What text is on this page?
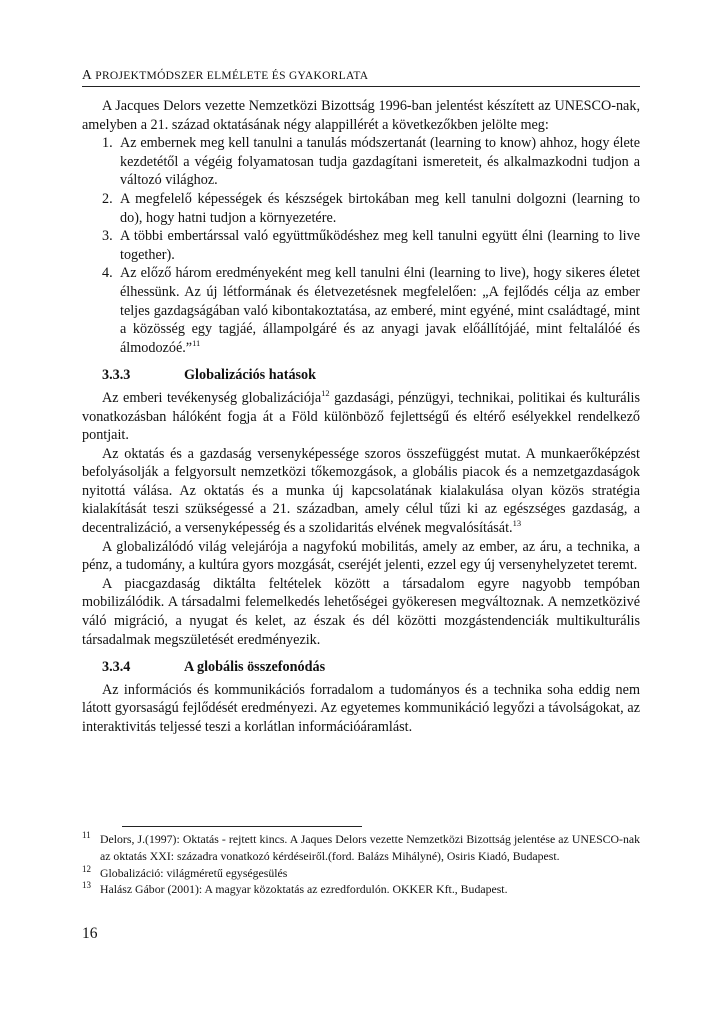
A PROJEKTMÓDSZER ELMÉLETE ÉS GYAKORLATA

A Jacques Delors vezette Nemzetközi Bizottság 1996-ban jelentést készített az UNESCO-nak, amelyben a 21. század oktatásának négy alappillérét a következőkben jelölte meg:

1. Az embernek meg kell tanulni a tanulás módszertanát (learning to know) ahhoz, hogy élete kezdetétől a végéig folyamatosan tudja gazdagítani ismereteit, és alkalmazkodni tudjon a változó világhoz.
2. A megfelelő képességek és készségek birtokában meg kell tanulni dolgozni (learning to do), hogy hatni tudjon a környezetére.
3. A többi embertárssal való együttműködéshez meg kell tanulni együtt élni (learning to live together).
4. Az előző három eredményeként meg kell tanulni élni (learning to live), hogy sikeres életet élhessünk. Az új létformának és életvezetésnek megfelelően: „A fejlődés célja az ember teljes gazdagságában való kibontakoztatása, az emberé, mint egyéné, mint családtagé, mint a közösség egy tagjáé, állampolgáré és az anyagi javak előállítójáé, mint feltalálóé és álmodozóé.”$^{11}$
3.3.3	Globalizációs hatások

Az emberi tevékenység globalizációja$^{12}$ gazdasági, pénzügyi, technikai, politikai és kulturális vonatkozásban hálóként fogja át a Föld különböző fejlettségű és eltérő esélyekkel rendelkező pontjait.

Az oktatás és a gazdaság versenyképessége szoros összefüggést mutat. A munkaerőképzést befolyásolják a felgyorsult nemzetközi tőkemozgások, a globális piacok és a nemzetgazdaságok nyitottá válása. Az oktatás és a munka új kapcsolatának kialakulása olyan közös stratégia kialakítását teszi szükségessé a 21. században, amely célul tűzi ki az egészséges gazdaság, a decentralizáció, a versenyképesség és a szolidaritás elvének megvalósítását.$^{13}$

A globalizálódó világ velejárója a nagyfokú mobilitás, amely az ember, az áru, a technika, a pénz, a tudomány, a kultúra gyors mozgását, cseréjét jelenti, ezzel egy új versenyhelyzetet teremt.

A piacgazdaság diktálta feltételek között a társadalom egyre nagyobb tempóban mobilizálódik. A társadalmi felemelkedés lehetőségei gyökeresen megváltoznak. A nemzetközivé váló migráció, a nyugat és kelet, az észak és dél közötti mozgástendenciák multikulturális társadalmak megszületését eredményezik.

3.3.4	A globális összefonódás

Az információs és kommunikációs forradalom a tudományos és a technika soha eddig nem látott gyorsaságú fejlődését eredményezi. Az egyetemes kommunikáció legyőzi a távolságokat, az interaktivitás teljessé teszi a korlátlan információáramlást.

11 Delors, J.(1997): Oktatás - rejtett kincs. A Jaques Delors vezette Nemzetközi Bizottság jelentése az UNESCO-nak az oktatás XXI: századra vonatkozó kérdéseiről.(ford. Balázs Mihályné), Osiris Kiadó, Budapest.
12 Globalizáció: világméretű egységesülés
13 Halász Gábor (2001): A magyar közoktatás az ezredfordulón. OKKER Kft., Budapest.
16
